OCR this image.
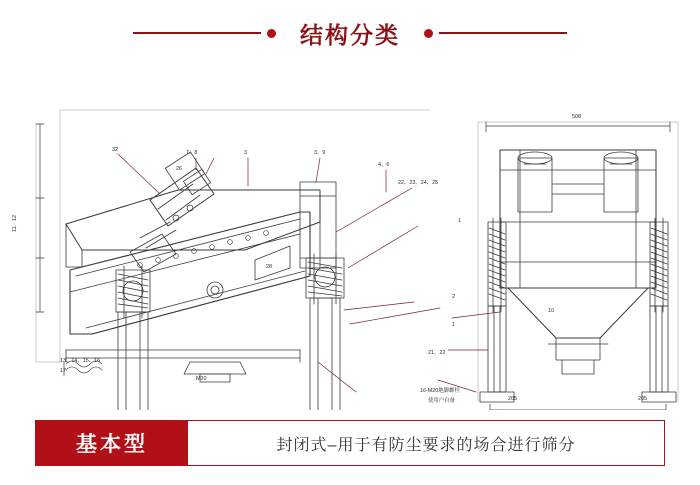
结构分类
32	7、8	3	3、9
4、6
22、23、24、25
1
2
1
11、12
13、14、15、16
17
26
28
M20
508
21、22
10
205	205
16-M20地脚螺栓
使用户自备
基本型	封闭式–用于有防尘要求的场合进行筛分
